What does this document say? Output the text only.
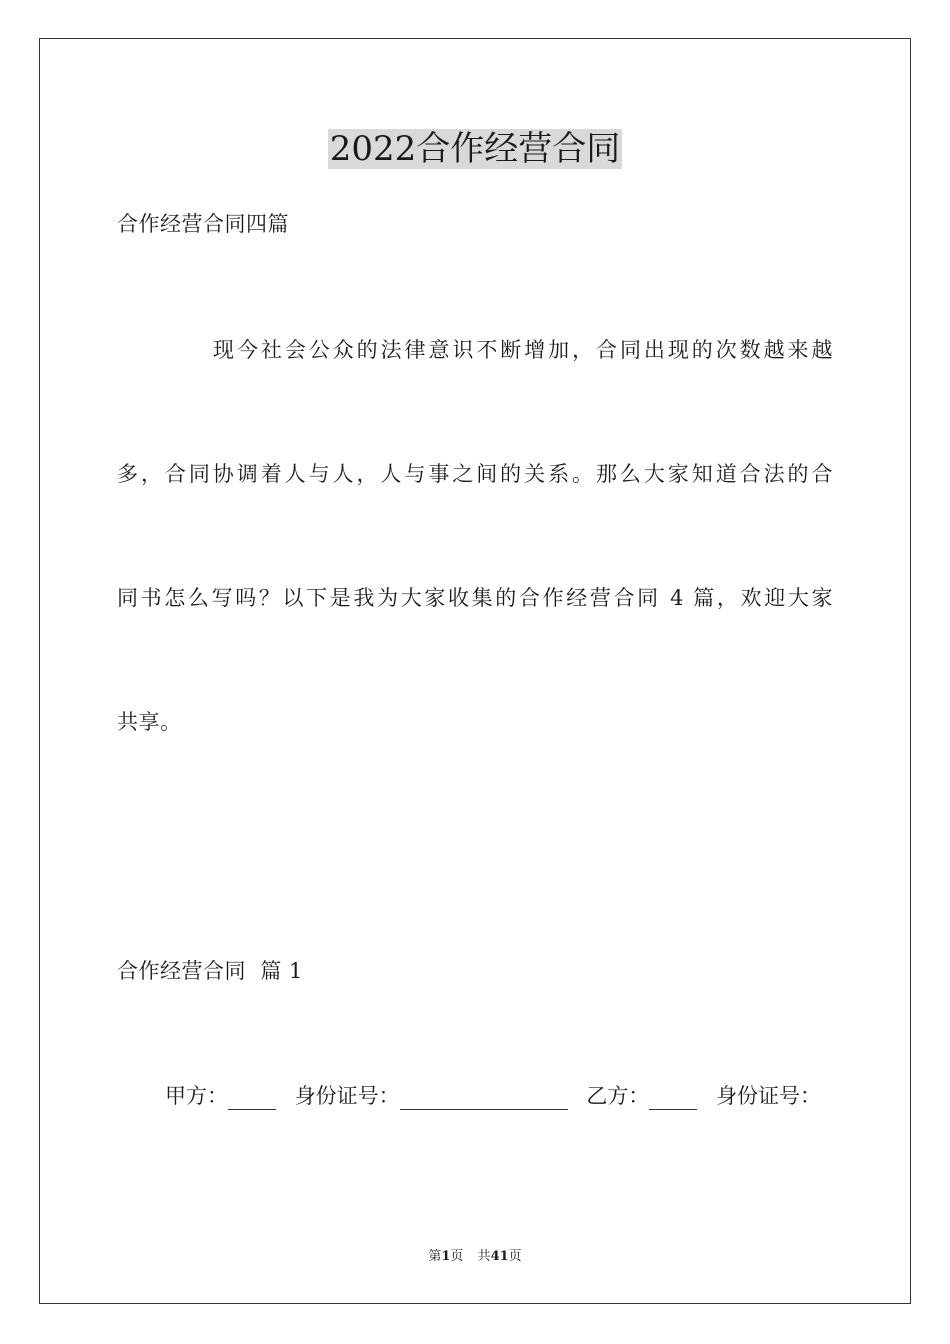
2022合作经营合同

合作经营合同四篇

现今社会公众的法律意识不断增加，合同出现的次数越来越

多，合同协调着人与人，人与事之间的关系。那么大家知道合法的合

同书怎么写吗？以下是我为大家收集的合作经营合同 4 篇，欢迎大家

共享。

合作经营合同  篇 1

甲方：	身份证号：	乙方：	身份证号：
第1页 共41页
